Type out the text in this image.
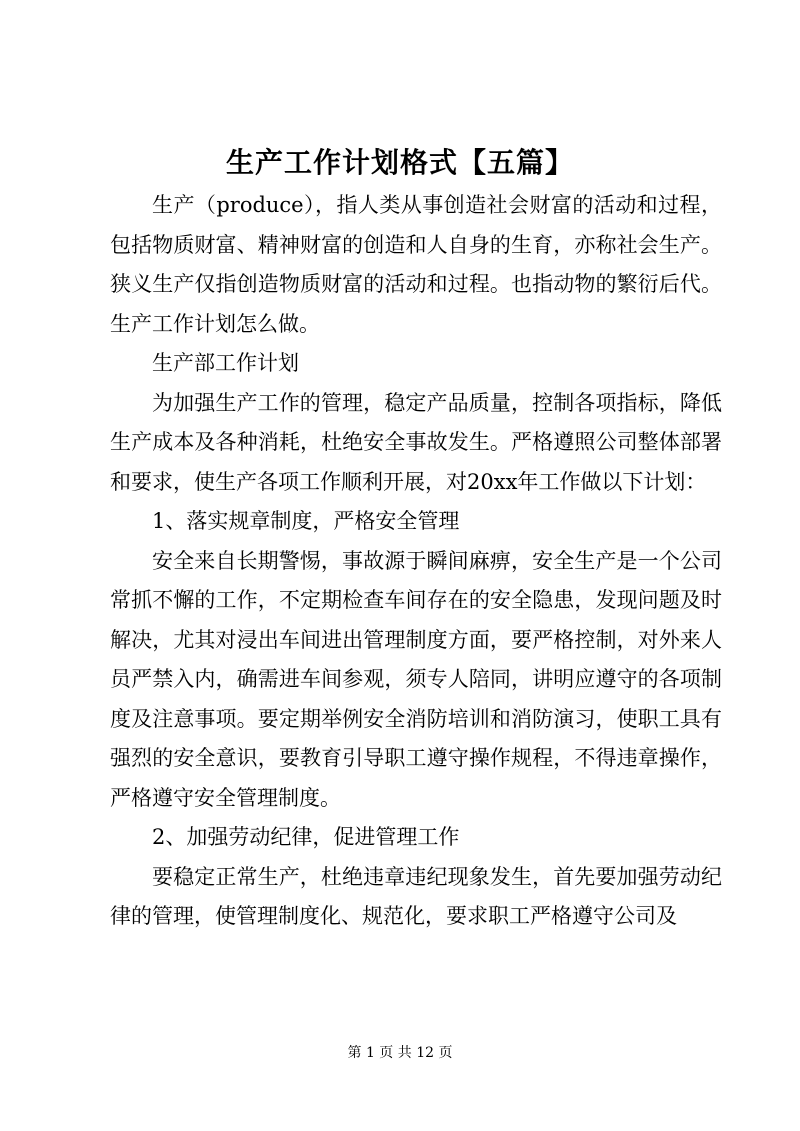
生产工作计划格式【五篇】

生产（produce），指人类从事创造社会财富的活动和过程，包括物质财富、精神财富的创造和人自身的生育，亦称社会生产。狭义生产仅指创造物质财富的活动和过程。也指动物的繁衍后代。生产工作计划怎么做。

生产部工作计划

为加强生产工作的管理，稳定产品质量，控制各项指标，降低生产成本及各种消耗，杜绝安全事故发生。严格遵照公司整体部署和要求，使生产各项工作顺利开展，对20xx年工作做以下计划：

1、落实规章制度，严格安全管理

安全来自长期警惕，事故源于瞬间麻痹，安全生产是一个公司常抓不懈的工作，不定期检查车间存在的安全隐患，发现问题及时解决，尤其对浸出车间进出管理制度方面，要严格控制，对外来人员严禁入内，确需进车间参观，须专人陪同，讲明应遵守的各项制度及注意事项。要定期举例安全消防培训和消防演习，使职工具有强烈的安全意识，要教育引导职工遵守操作规程，不得违章操作，严格遵守安全管理制度。

2、加强劳动纪律，促进管理工作

要稳定正常生产，杜绝违章违纪现象发生，首先要加强劳动纪律的管理，使管理制度化、规范化，要求职工严格遵守公司及

第 1 页 共 12 页
